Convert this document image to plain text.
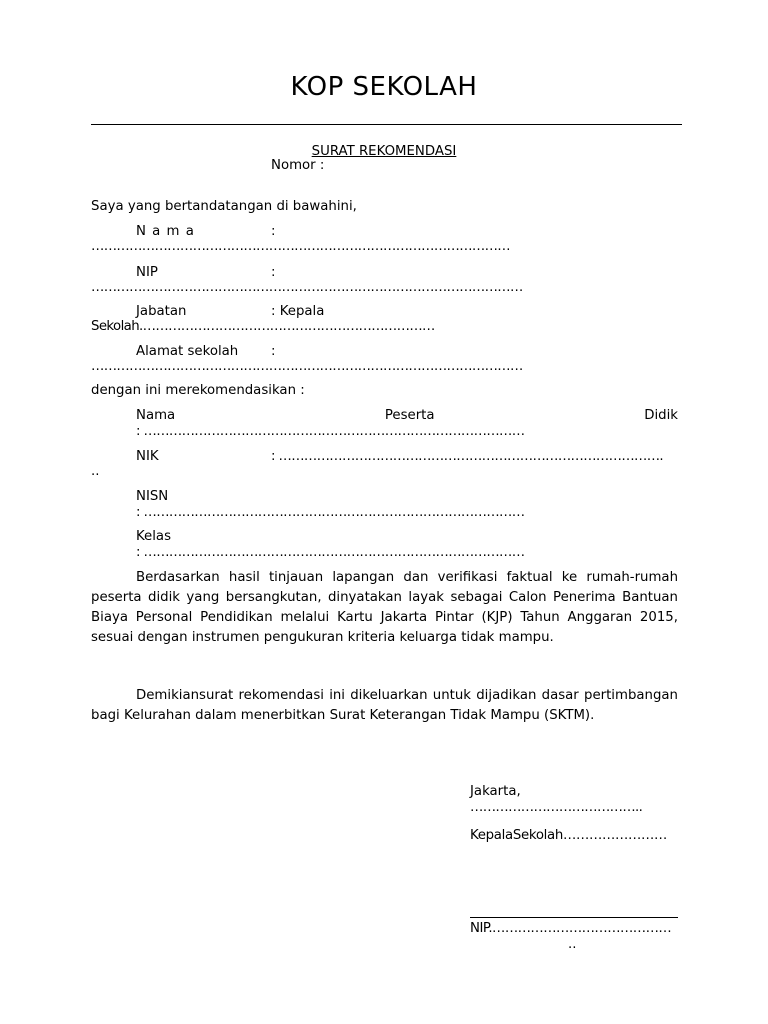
KOP SEKOLAH
SURAT REKOMENDASI
Nomor :
Saya yang bertandatangan di bawahini,
N a m a	:
………………………………………………………………………………………
NIP	:
…………………………………………………………………………………………
Jabatan	: Kepala
Sekolah.……………………………………………………………
Alamat sekolah :
…………………………………………………………………………………………
dengan ini merekomendasikan :
Nama	Peserta	Didik
: ………………………………………………………………………………
NIK	: ……………………………………………………………………………….
..
NISN
: ………………………………………………………………………………
Kelas
: ………………………………………………………………………………
Berdasarkan hasil tinjauan lapangan dan verifikasi faktual ke rumah-rumah peserta didik yang bersangkutan, dinyatakan layak sebagai Calon Penerima Bantuan Biaya Personal Pendidikan melalui Kartu Jakarta Pintar (KJP) Tahun Anggaran 2015, sesuai dengan instrumen pengukuran kriteria keluarga tidak mampu.
Demikiansurat rekomendasi ini dikeluarkan untuk dijadikan dasar pertimbangan bagi Kelurahan dalam menerbitkan Surat Keterangan Tidak Mampu (SKTM).
Jakarta,
…………………………………..
KepalaSekolah……………………
NIP.……………………………………
..
